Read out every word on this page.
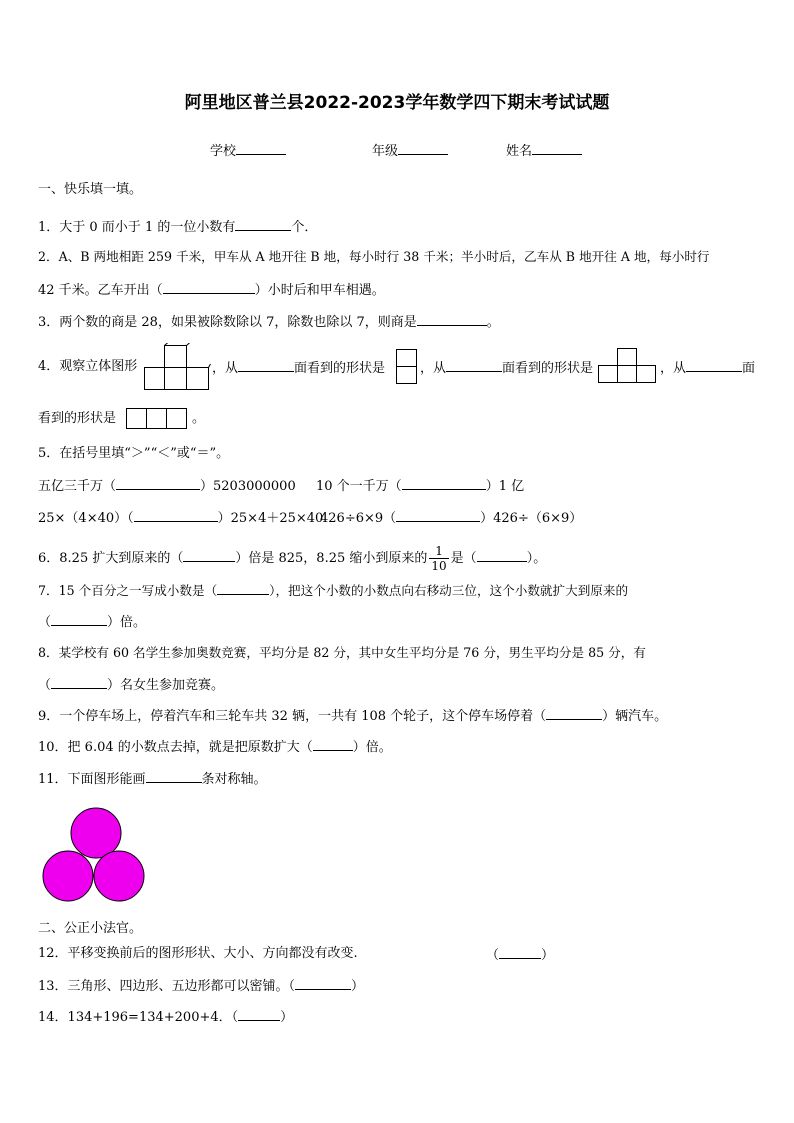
阿里地区普兰县2022-2023学年数学四下期末考试试题
学校	年级	姓名
一、快乐填一填。
1．大于 0 而小于 1 的一位小数有	个．
2．A、B 两地相距 259 千米，甲车从 A 地开往 B 地，每小时行 38 千米；半小时后，乙车从 B 地开往 A 地，每小时行
42 千米。乙车开出（	）小时后和甲车相遇。
3．两个数的商是 28，如果被除数除以 7，除数也除以 7，则商是	。
4．观察立体图形	，从	面看到的形状是	，从	面看到的形状是	，从	面
看到的形状是	。
5．在括号里填“＞”“＜”或“＝”。
五亿三千万（	）5203000000 10 个一千万（	）1 亿
25×（4×40）（	）25×4＋25×40
426÷6×9（	）426÷（6×9）
6．8.25 扩大到原来的（	）倍是 825，8.25 缩小到原来的 $\frac{1}{10}$ 是（	）。
7．15 个百分之一写成小数是（	），把这个小数的小数点向右移动三位，这个小数就扩大到原来的
（	）倍。
8．某学校有 60 名学生参加奥数竞赛，平均分是 82 分，其中女生平均分是 76 分，男生平均分是 85 分，有
（	）名女生参加竞赛。
9．一个停车场上，停着汽车和三轮车共 32 辆，一共有 108 个轮子，这个停车场停着（	）辆汽车。
10．把 6.04 的小数点去掉，就是把原数扩大（	）倍。
11．下面图形能画	条对称轴。
二、公正小法官。
12．平移变换前后的图形形状、大小、方向都没有改变.	（	）
13．三角形、四边形、五边形都可以密铺。（	）
14．134+196=134+200+4．（	）
